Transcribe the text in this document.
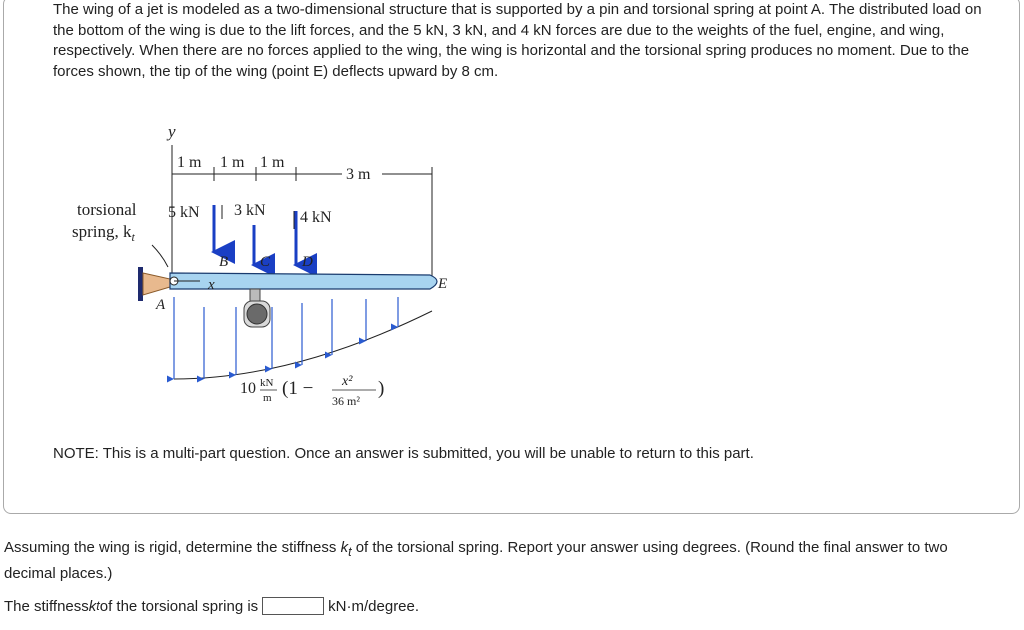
The wing of a jet is modeled as a two-dimensional structure that is supported by a pin and torsional spring at point A. The distributed load on the bottom of the wing is due to the lift forces, and the 5 kN, 3 kN, and 4 kN forces are due to the weights of the fuel, engine, and wing, respectively. When there are no forces applied to the wing, the wing is horizontal and the torsional spring produces no moment. Due to the forces shown, the tip of the wing (point E) deflects upward by 8 cm.

y
1 m 1 m 1 m
3 m
torsional
spring, $k_t$
5 kN 3 kN 4 kN
B C D
x
A
E
10 kN
m (1 − x²
36 m²
)

NOTE: This is a multi-part question. Once an answer is submitted, you will be unable to return to this part.

Assuming the wing is rigid, determine the stiffness $k_t$ of the torsional spring. Report your answer using degrees. (Round the final answer to two decimal places.)

The stiffness k t of the torsional spring is	kN·m/degree.
